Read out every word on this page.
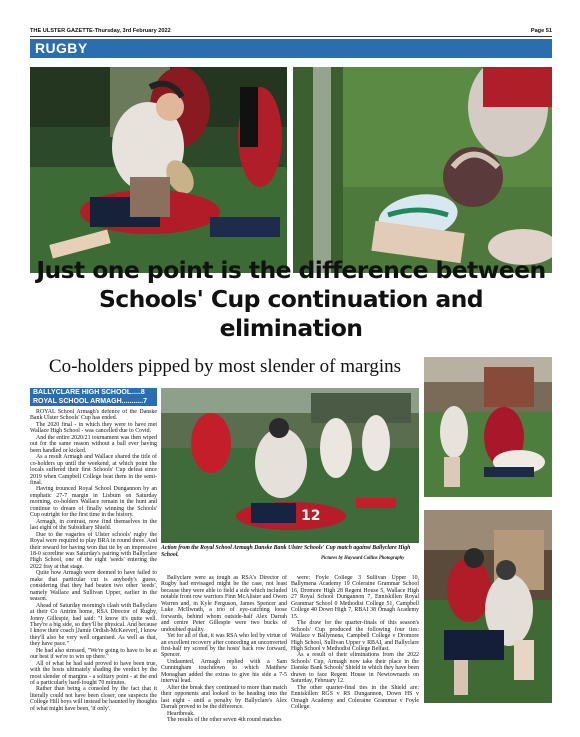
THE ULSTER GAZETTE-Thursday, 3rd February 2022	Page 51
RUGBY
Just one point is the difference between Schools' Cup continuation and elimination
Co-holders pipped by most slender of margins
BALLYCLARE HIGH SCHOOL.....8
ROYAL SCHOOL ARMAGH...........7

ROYAL School Armagh's defence of the Danske Bank Ulster Schools' Cup has ended.

The 2020 final - in which they were to have met Wallace High School - was cancelled due to Covid.

And the entire 2020/21 tournament was then wiped out for the same reason without a ball ever having been handled or kicked.

As a result Armagh and Wallace shared the title of co-holders up until the weekend, at which point the locals suffered their first Schools' Cup defeat since 2019 when Campbell College beat them in the semi-final.

Having trounced Royal School Dungannon by an emphatic 27-7 margin in Lisburn on Saturday morning, co-holders Wallace remain in the hunt and continue to dream of finally winning the Schools' Cup outright for the first time in the history.

Armagh, in contrast, now find themselves in the last eight of the Subsidiary Shield.

Due to the vagaries of Ulster schools' rugby the Royal were required to play BRA in round three. And their reward for having won that tie by an impressive 18-0 scoreline was Saturday's pairing with Ballyclare High School, one of the eight 'seeds' entering the 2022 fray at that stage.

Quite how Armagh were deemed to have failed to make that particular cut is anybody's guess, considering that they had beaten two other 'seeds', namely Wallace and Sullivan Upper, earlier in the season.

Ahead of Saturday morning's clash with Ballyclare at their Co Antrim home, RSA Director of Rugby, Jonny Gillespie, had said: "I know it's quite well. They're a big side, so they'll be physical. And because I know their coach [Jamie Ordish-McKeever], I know they'll also be very well organised. As well as that, they have pace."

He had also stressed, "We're going to have to be at our best if we're to win up there."

All of what he had said proved to have been true, with the hosts ultimately shading the verdict by the most slender of margins - a solitary point - at the end of a particularly hard-fought 70 minutes.

Rather than being a consoled by the fact that it literally could not have been closer, one suspects the College Hill boys will instead be haunted by thoughts of what might have been, 'if only'.

12
Action from the Royal School Armagh Danske Bank Ulster Schools' Cup match against Ballyclare High School.
Pictures by Hayward Collins Photography

Ballyclare were as tough as RSA's Director of Rugby had envisaged might be the case, not least because they were able to field a side which included notable front row warriors Finn McAlister and Owen Warren and, in Kyle Ferguson, James Spencer and Luke McIlwrath, a trio of eye-catching loose forwards, behind whom outside-half Alex Darrah and centre Peter Gillespie were two bucks of undoubted quality.

Yet for all of that, it was RSA who led by virtue of an excellent recovery after conceding an unconverted first-half try scored by the hosts' back row forward, Spencer.

Undaunted, Armagh replied with a Sam Cunningham touchdown to which Matthew Monaghan added the extras to give his side a 7-5 interval lead.

After the break they continued to more than match their opponents and looked to be heading into the last eight - until a penalty by Ballyclare's Alex Darrah proved to be the difference.

Heartbreak.

The results of the other seven 4th round matches

were: Foyle College 3 Sullivan Upper 10, Ballymena Academy 19 Coleraine Grammar School 16, Dromore High 28 Regent House 5, Wallace High 27 Royal School Dungannon 7, Enniskillen Royal Grammar School 0 Methodist College 51, Campbell College 40 Down High 7, RBAI 38 Omagh Academy 15.

The draw for the quarter-finals of this season's Schools' Cup produced the following four ties: Wallace v Ballymena, Campbell College v Dromore High School, Sullivan Upper v RBAI, and Ballyclare High School v Methodist College Belfast.

As a result of their eliminations from the 2022 Schools' Cup, Armagh now take their place in the Danske Bank Schools' Shield in which they have been drawn to face Regent House in Newtownards on Saturday, February 12.

The other quarter-final ties in the Shield are: Enniskillen RGS v RS Dungannon, Down HS v Omagh Academy and Coleraine Grammar v Foyle College.
